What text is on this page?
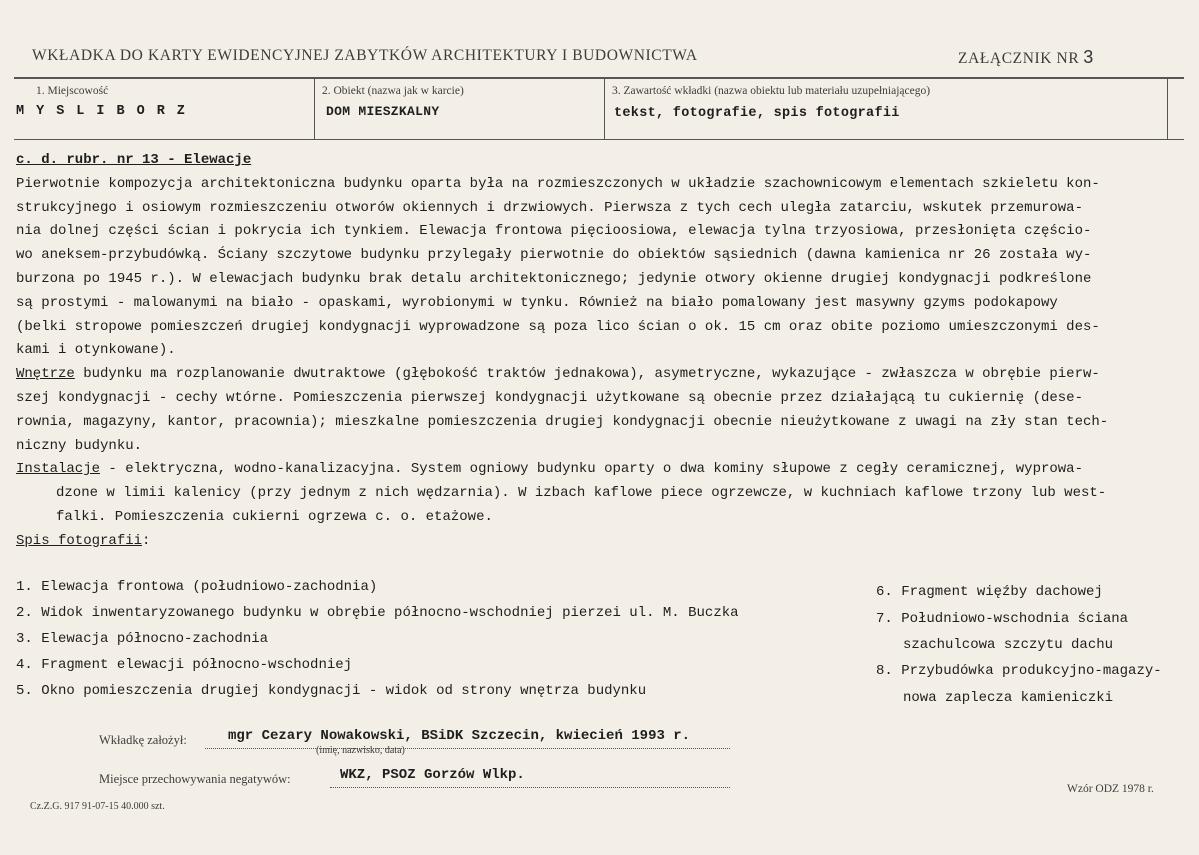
WKŁADKA DO KARTY EWIDENCYJNEJ ZABYTKÓW ARCHITEKTURY I BUDOWNICTWA	ZAŁĄCZNIK NR 3
1. Miejscowość
MYSLIBORZ
2. Obiekt (nazwa jak w karcie)
DOM MIESZKALNY
3. Zawartość wkładki (nazwa obiektu lub materiału uzupełniającego)
tekst, fotografie, spis fotografii
c. d. rubr. nr 13 - Elewacje
Pierwotnie kompozycja architektoniczna budynku oparta była na rozmieszczonych w układzie szachownicowym elementach szkieletu kon-
strukcyjnego i osiowym rozmieszczeniu otworów okiennych i drzwiowych. Pierwsza z tych cech uległa zatarciu, wskutek przemurowa-
nia dolnej części ścian i pokrycia ich tynkiem. Elewacja frontowa pięcioosiowa, elewacja tylna trzyosiowa, przesłonięta częścio-
wo aneksem-przybudówką. Ściany szczytowe budynku przylegały pierwotnie do obiektów sąsiednich (dawna kamienica nr 26 została wy-
burzona po 1945 r.). W elewacjach budynku brak detalu architektonicznego; jedynie otwory okienne drugiej kondygnacji podkreślone
są prostymi - malowanymi na biało - opaskami, wyrobionymi w tynku. Również na biało pomalowany jest masywny gzyms podokapowy
(belki stropowe pomieszczeń drugiej kondygnacji wyprowadzone są poza lico ścian o ok. 15 cm oraz obite poziomo umieszczonymi des-
kami i otynkowane).
Wnętrze budynku ma rozplanowanie dwutraktowe (głębokość traktów jednakowa), asymetryczne, wykazujące - zwłaszcza w obrębie pierw-
szej kondygnacji - cechy wtórne. Pomieszczenia pierwszej kondygnacji użytkowane są obecnie przez działającą tu cukiernię (dese-
rownia, magazyny, kantor, pracownia); mieszkalne pomieszczenia drugiej kondygnacji obecnie nieużytkowane z uwagi na zły stan tech-
niczny budynku.
Instalacje - elektryczna, wodno-kanalizacyjna. System ogniowy budynku oparty o dwa kominy słupowe z cegły ceramicznej, wyprowa-
dzone w limii kalenicy (przy jednym z nich wędzarnia). W izbach kaflowe piece ogrzewcze, w kuchniach kaflowe trzony lub west-
falki. Pomieszczenia cukierni ogrzewa c. o. etażowe.
Spis fotografii:
1. Elewacja frontowa (południowo-zachodnia)
2. Widok inwentaryzowanego budynku w obrębie północno-wschodniej pierzei ul. M. Buczka
3. Elewacja północno-zachodnia
4. Fragment elewacji północno-wschodniej
5. Okno pomieszczenia drugiej kondygnacji - widok od strony wnętrza budynku
6. Fragment więźby dachowej
7. Południowo-wschodnia ściana
szachulcowa szczytu dachu
8. Przybudówka produkcyjno-magazy-
nowa zaplecza kamieniczki
Wkładkę założył:	mgr Cezary Nowakowski, BSiDK Szczecin, kwiecień 1993 r.
(imię, nazwisko, data)
Miejsce przechowywania negatywów:	WKZ, PSOZ Gorzów Wlkp.
Cz.Z.G. 917 91-07-15 40.000 szt.
Wzór ODZ 1978 r.
